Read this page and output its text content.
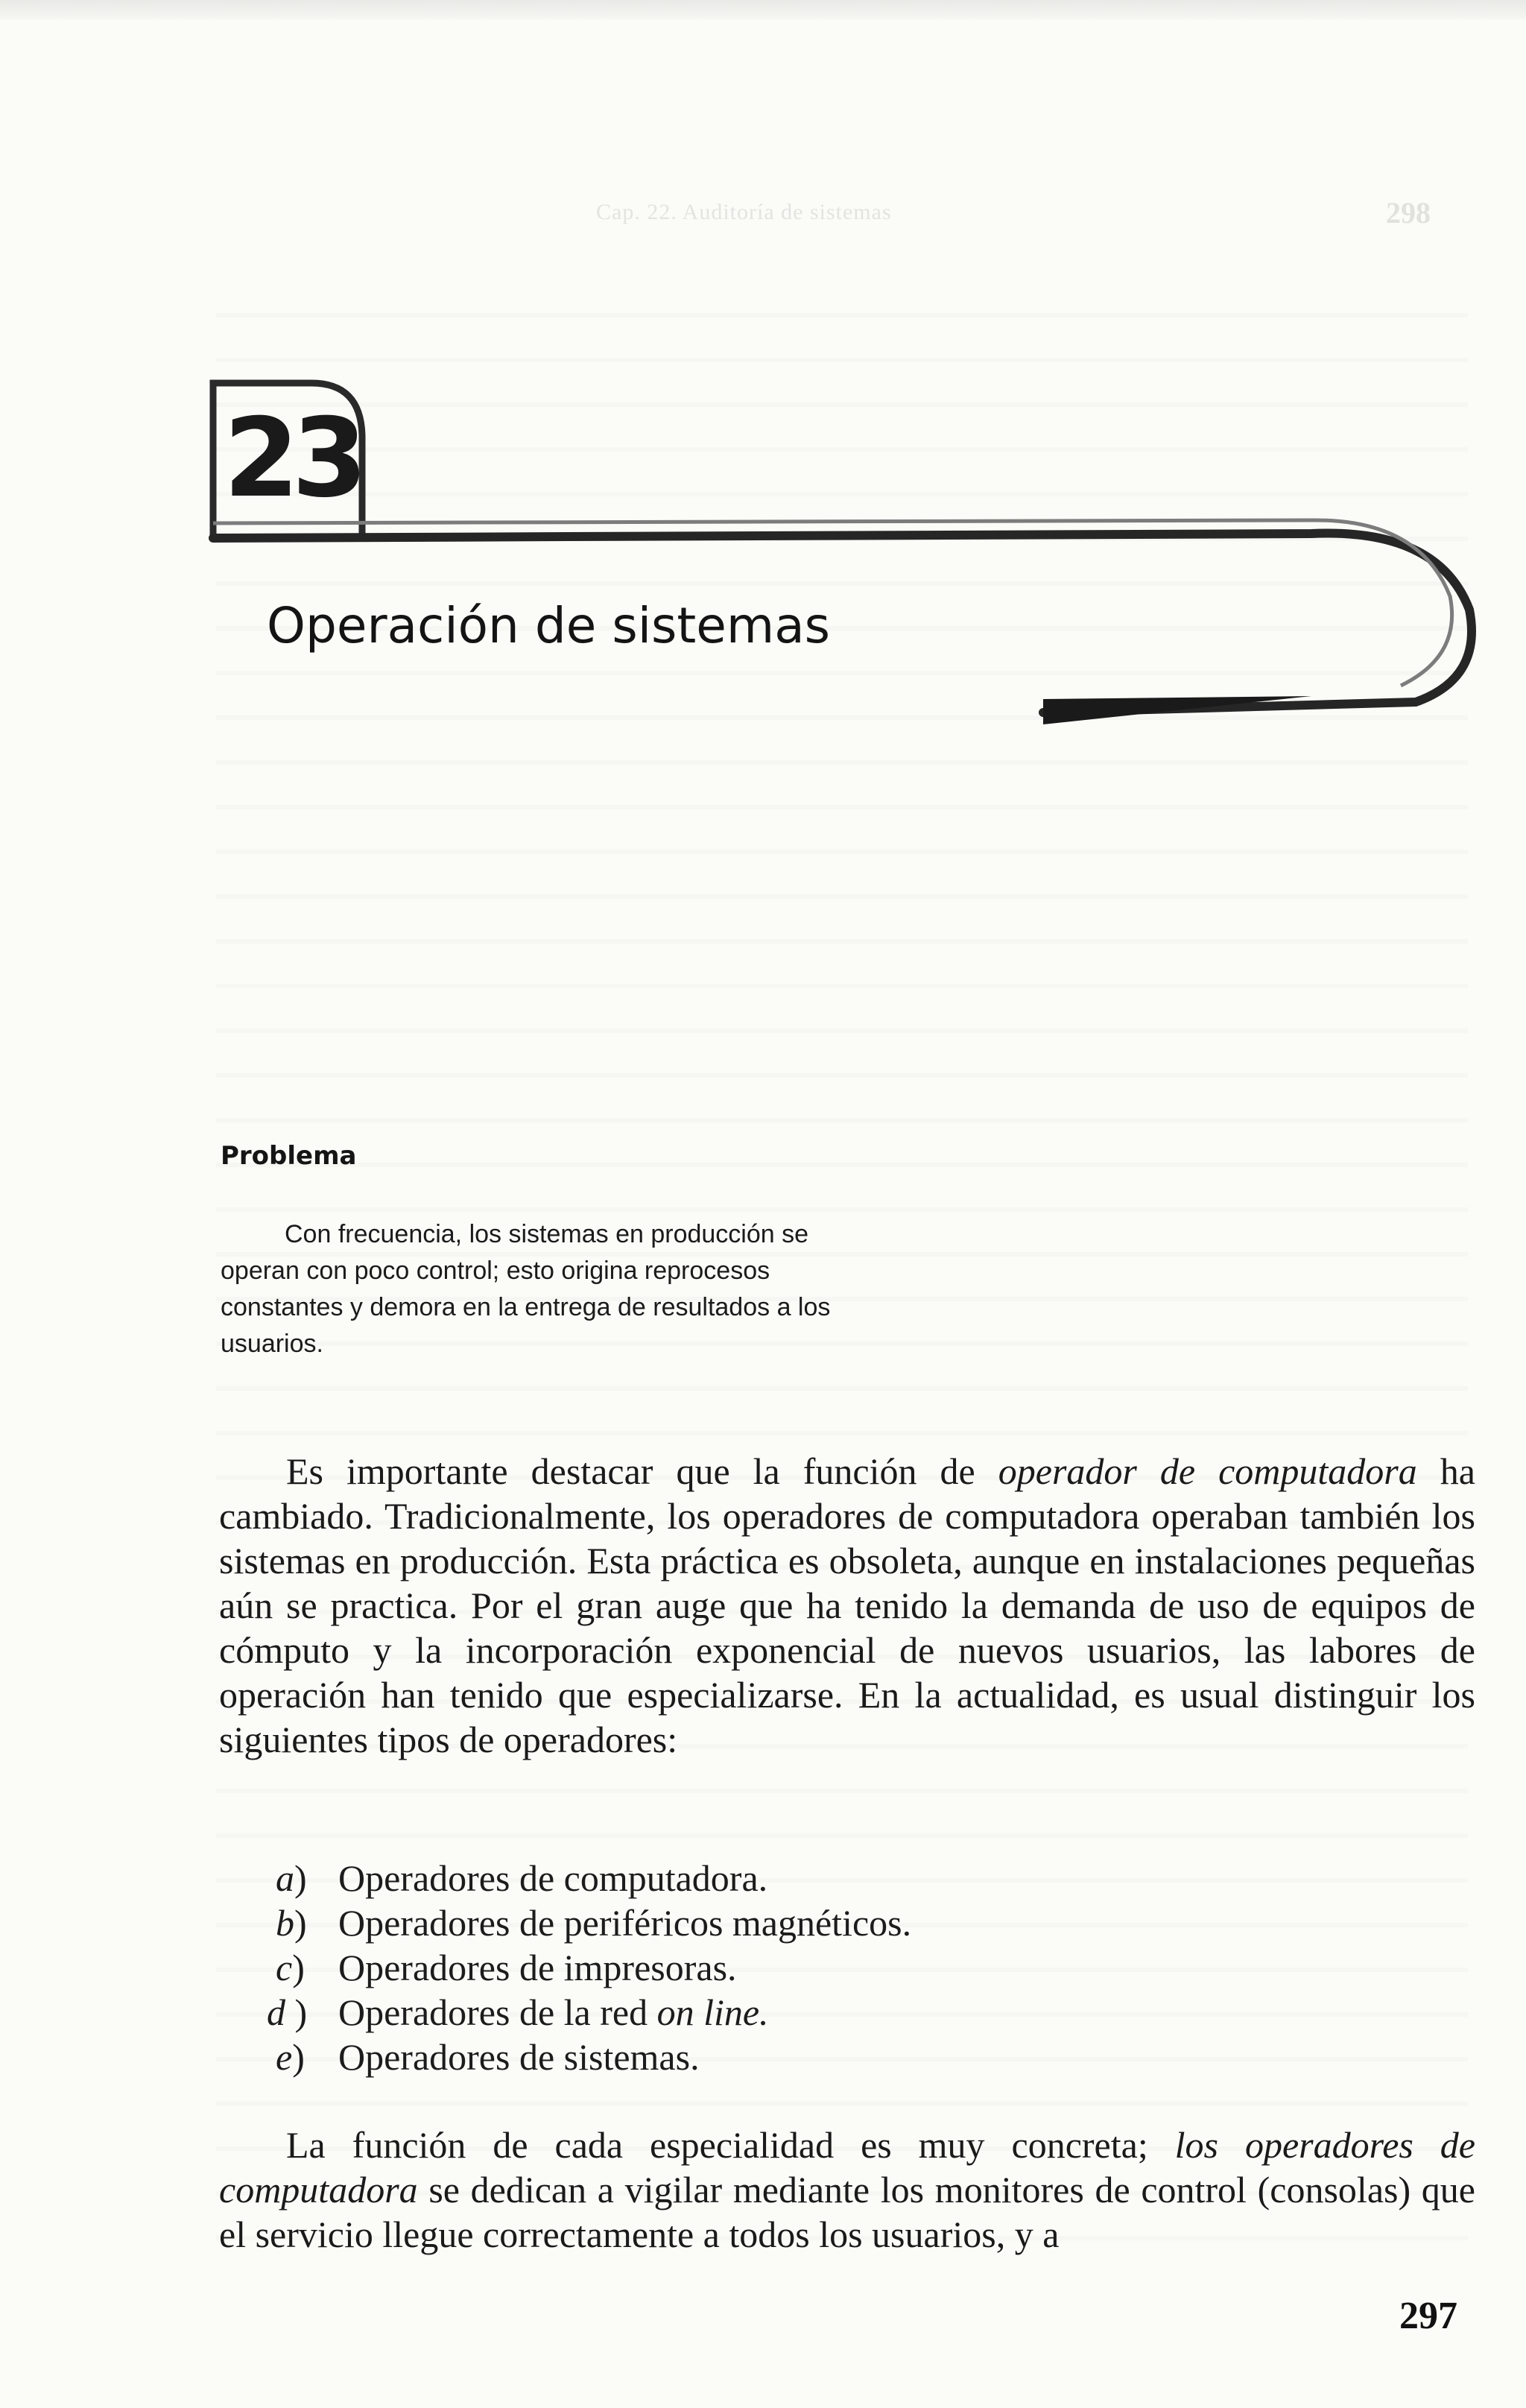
Cap. 22. Auditoría de sistemas	298
23
Operación de sistemas
Problema

Con frecuencia, los sistemas en producción se operan con poco control; esto origina reprocesos constantes y demora en la entrega de resultados a los usuarios.

Es importante destacar que la función de operador de computadora ha cambiado. Tradicionalmente, los operadores de computadora operaban también los sistemas en producción. Esta práctica es obsoleta, aunque en instalaciones pequeñas aún se practica. Por el gran auge que ha tenido la demanda de uso de equipos de cómputo y la incorporación exponencial de nuevos usuarios, las labores de operación han tenido que especializarse. En la actualidad, es usual distinguir los siguientes tipos de operadores:

a) Operadores de computadora.
b) Operadores de periféricos magnéticos.
c) Operadores de impresoras.
d ) Operadores de la red on line.
e) Operadores de sistemas.

La función de cada especialidad es muy concreta; los operadores de computadora se dedican a vigilar mediante los monitores de control (consolas) que el servicio llegue correctamente a todos los usuarios, y a

297
